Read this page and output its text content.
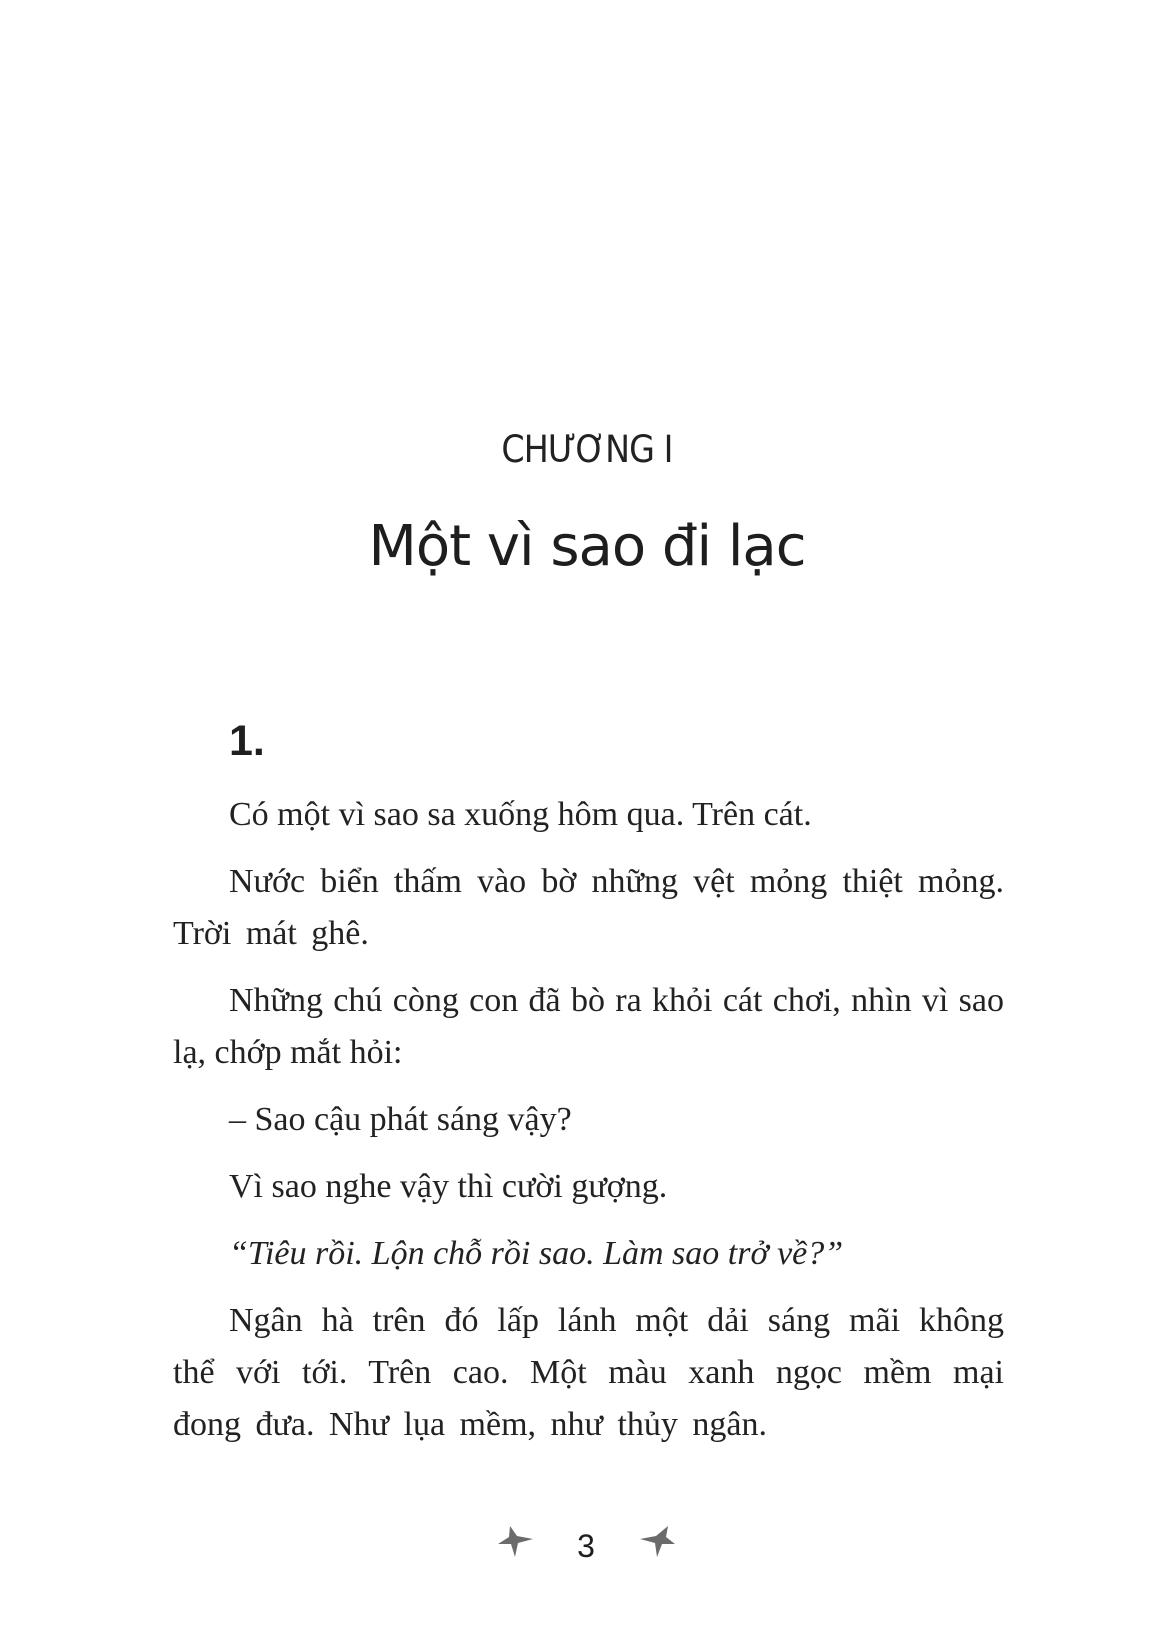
CHƯƠNG I
Một vì sao đi lạc
1.

Có một vì sao sa xuống hôm qua. Trên cát.

Nước biển thấm vào bờ những vệt mỏng thiệt mỏng. Trời mát ghê.

Những chú còng con đã bò ra khỏi cát chơi, nhìn vì sao lạ, chớp mắt hỏi:

– Sao cậu phát sáng vậy?

Vì sao nghe vậy thì cười gượng.

“Tiêu rồi. Lộn chỗ rồi sao. Làm sao trở về?”

Ngân hà trên đó lấp lánh một dải sáng mãi không thể với tới. Trên cao. Một màu xanh ngọc mềm mại đong đưa. Như lụa mềm, như thủy ngân.

3
